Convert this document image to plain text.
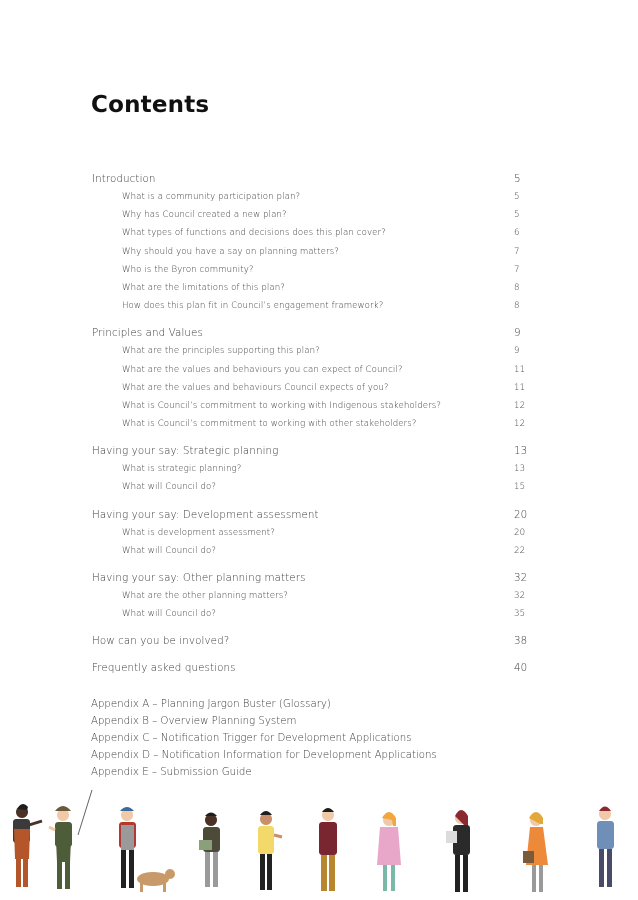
Contents
Introduction	5
What is a community participation plan?	5
Why has Council created a new plan?	5
What types of functions and decisions does this plan cover?	6
Why should you have a say on planning matters?	7
Who is the Byron community?	7
What are the limitations of this plan?	8
How does this plan fit in Council’s engagement framework?	8
Principles and Values	9
What are the principles supporting this plan?	9
What are the values and behaviours you can expect of Council?	11
What are the values and behaviours Council expects of you?	11
What is Council’s commitment to working with Indigenous stakeholders?	12
What is Council’s commitment to working with other stakeholders?	12
Having your say: Strategic planning	13
What is strategic planning?	13
What will Council do?	15
Having your say: Development assessment	20
What is development assessment?	20
What will Council do?	22
Having your say: Other planning matters	32
What are the other planning matters?	32
What will Council do?	35
How can you be involved?	38
Frequently asked questions	40
Appendix A – Planning Jargon Buster (Glossary)
Appendix B – Overview Planning System
Appendix C – Notification Trigger for Development Applications
Appendix D – Notification Information for Development Applications
Appendix E – Submission Guide
